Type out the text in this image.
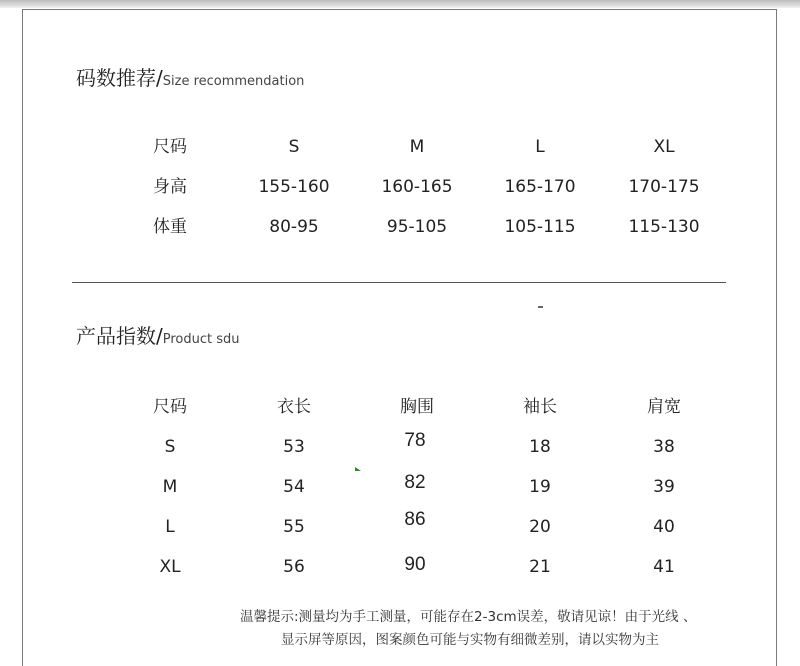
码数推荐/Size recommendation
尺码	S	M	L	XL
身高	155-160	160-165	165-170	170-175
体重	80-95	95-105	105-115	115-130
产品指数/Product sdu
尺码	衣长	胸围	袖长	肩宽
S	53	78	18	38
M	54	82	19	39
L	55	86	20	40
XL	56	90	21	41
温馨提示:测量均为手工测量，可能存在2-3cm误差，敬请见谅！由于光线 、
显示屏等原因，图案颜色可能与实物有细微差别，请以实物为主
